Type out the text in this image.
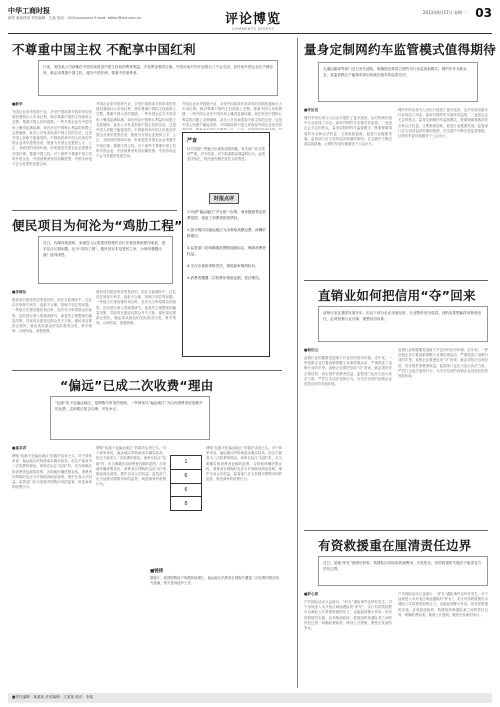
中华工商时报
副刊 新闻热线 责任编辑：王某 电话：(010)xxxxxxxx E-mail: editor@cbt.com.cn	评论博览
COMMENTS DIGEST
2013年6月17日 星期一 03
不尊重中国主权 不配享中国红利
日前，美国某公司涉嫌在中国市场损害中国主权和消费者利益，引发舆论强烈反响。中国市场对外开放的大门不会关闭，但任何外国企业在中国经营，都必须尊重中国主权，遵守中国法律，尊重中国消费者。
■新华
外国企业来华投资兴业，享受中国改革开放带来的发展机遇和巨大市场红利，理应尊重中国的主权和领土完整，尊重中国人民的感情。一些外国企业在中国市场上赚得盆满钵满，却在涉及中国核心利益的问题上态度暧昧，甚至公开发表损害中国主权的言论，这是中国人民绝不能接受的。中国政府和中国人民欢迎外国企业来华投资经营，愿意为外国企业提供公平、公正、非歧视的营商环境，但前提是外国企业必须遵守中国法律，尊重中国主权。对于那些不尊重中国主权的外国企业，中国消费者有权用脚投票，中国市场也不会为其提供发展空间。
外国企业来华投资兴业，享受中国改革开放带来的发展机遇和巨大市场红利，理应尊重中国的主权和领土完整，尊重中国人民的感情。一些外国企业在中国市场上赚得盆满钵满，却在涉及中国核心利益的问题上态度暧昧，甚至公开发表损害中国主权的言论，这是中国人民绝不能接受的。中国政府和中国人民欢迎外国企业来华投资经营，愿意为外国企业提供公平、公正、非歧视的营商环境，但前提是外国企业必须遵守中国法律，尊重中国主权。对于那些不尊重中国主权的外国企业，中国消费者有权用脚投票，中国市场也不会为其提供发展空间。
外国企业来华投资兴业，享受中国改革开放带来的发展机遇和巨大市场红利，理应尊重中国的主权和领土完整，尊重中国人民的感情。一些外国企业在中国市场上赚得盆满钵满，却在涉及中国核心利益的问题上态度暧昧，甚至公开发表损害中国主权的言论，这是中国人民绝不能接受的。中国政府和中国人民欢迎外国企业来华投
严查
针对近期一些地方出现的违规问题，有关部门应当依法严查，决不姑息。对于损害群众利益的行为，必须坚决纠正，依法追究相关责任人的责任。
时报点评

1.所谓“偏远地区”并无统一标准，商家随意界定收费范围，侵害了消费者的知情权。

2.部分网店以偏远地区为由收取高额运费，涉嫌价格欺诈。

3.监管部门应明确规范网购包邮标注，保障消费者权益。

4.平台应承担审核责任，督促商家明码标价。

5.消费者遭遇二次收费应保留证据，依法维权。

便民项目为何沦为“鸡肋工程”
近日，有媒体报道称，某地投入巨资建设的便民自行车租赁系统使用率低，很多站点长期闲置，沦为“鸡肋工程”。便民项目本是惠民之举，为何却遭遇冷落？值得深思。
■李晓东
便民项目建设的初衷是好的，但在实际操作中，往往存在规划不科学、选址不合理、管理不到位等问题。一些地方在建设便民项目时，没有充分听取群众的意见，没有进行深入的调查研究，而是凭主观想象拍脑袋决策，导致项目建成后群众并不买账。便民项目要真正便民，就必须从群众的实际需求出发，科学规划、合理布局、加强管理。
便民项目建设的初衷是好的，但在实际操作中，往往存在规划不科学、选址不合理、管理不到位等问题。一些地方在建设便民项目时，没有充分听取群众的意见，没有进行深入的调查研究，而是凭主观想象拍脑袋决策，导致项目建成后群众并不买账。便民项目要真正便民，就必须从群众的实际需求出发，科学规划、合理布局、加强管理。
“偏远”已成二次收费“理由
“包邮”但不包偏远地区，是网购中常见的现象。一些商家以“偏远地区”为由向消费者收取额外的运费，这种做法是否合理，引发争议。
■童其君
网购“包邮不包偏远地区”的做法由来已久。对于商家来说，偏远地区的物流成本确实较高，但这不能成为二次收费的理由。商家在标注“包邮”时，应当明确告知消费者包邮的范围，否则就涉嫌虚假宣传。消费者在网购时也应当仔细阅读商品说明，维护自身合法权益。监管部门应当加强对网购市场的监管，规范商家的收费行为。
网购“包邮不包偏远地区”的做法由来已久。对于商家来说，偏远地区的物流成本确实较高，但这不能成为二次收费的理由。商家在标注“包邮”时，应当明确告知消费者包邮的范围，否则就涉嫌虚假宣传。消费者在网购时也应当仔细阅读商品说明，维护自身合法权益。监管部门应当加强对网购市场的监管，规范商家的收费行为。
网购“包邮不包偏远地区”的做法由来已久。对于商家来说，偏远地区的物流成本确实较高，但这不能成为二次收费的理由。商家在标注“包邮”时，应当明确告知消费者包邮的范围，否则就涉嫌虚假宣传。消费者在网购时也应当仔细阅读商品说明，维护自身合法权益。监管部门应当加强对网购市场的监管，规范商家的收费行为。
1
6
6
8
■链接
据统计，我国网购用户规模持续增长，偏远地区消费者在网购中遭遇二次收费的情况较为普遍，相关投诉逐年上升。
量身定制网约车监管模式值得期待
交通运输部等部门近日发布通知，明确提出要建立网约车行业监管新模式。网约车作为新业态，其监管模式不能简单套用传统出租车的监管办法。
■评论员
网约车的出现为人们出行提供了更多选择，也对传统出租车行业形成了冲击。如何对网约车实施有效监管，一直是社会关注的焦点。量身定制网约车监管模式，既要保障乘客的安全和合法权益，又要鼓励创新，促进行业健康发展。监管部门应当坚持包容审慎的原则，在实践中不断完善监管措施，让网约车更好地服务于公众出行。
网约车的出现为人们出行提供了更多选择，也对传统出租车行业形成了冲击。如何对网约车实施有效监管，一直是社会关注的焦点。量身定制网约车监管模式，既要保障乘客的安全和合法权益，又要鼓励创新，促进行业健康发展。监管部门应当坚持包容审慎的原则，在实践中不断完善监管措施，让网约车更好地服务于公众出行。
直销业如何把信用“夺”回来
直销行业在我国发展多年，但由于部分企业违规经营，行业整体信用受损。直销业要想赢得消费者信任，必须加强行业自律，重塑信用体系。
■杨伯云
直销行业的健康发展离不开良好的信用环境。近年来，一些直销企业打着直销的幌子从事传销活动，严重损害了直销行业的声誉。直销企业要把信用“夺”回来，就必须依法合规经营，切实保护消费者权益。监管部门也应当加大执法力度，严厉打击违法违规行为，为守法经营的直销企业营造良好的发展环境。
直销行业的健康发展离不开良好的信用环境。近年来，一些直销企业打着直销的幌子从事传销活动，严重损害了直销行业的声誉。直销企业要把信用“夺”回来，就必须依法合规经营，切实保护消费者权益。监管部门也应当加大执法力度，严厉打击违法违规行为，为守法经营的直销企业营造良好的发展环境。
有资救援重在厘清责任边界
近日，某地“驴友”被困后获救，救援队向其收取救援费用，引发热议。有偿救援的关键在于厘清各方责任边界。
■舒心萍
户外探险活动日益流行，“驴友”遇险事件也时有发生。对于违规进入未开发区域而遇险的“驴友”，实行有偿救援既可以减轻公共救援资源的压力，也能起到警示作用。但有偿救援的实施，必须厘清政府、救援组织和遇险者之间的责任边界，明确收费标准，做到公开透明，避免引发新的争议。
户外探险活动日益流行，“驴友”遇险事件也时有发生。对于违规进入未开发区域而遇险的“驴友”，实行有偿救援既可以减轻公共救援资源的压力，也能起到警示作用。但有偿救援的实施，必须厘清政府、救援组织和遇险者之间的责任边界，明确收费标准，做到公开透明，避免引发新的争议。
■责任编辑：林某某 美术编辑：王某某 校对：李某
